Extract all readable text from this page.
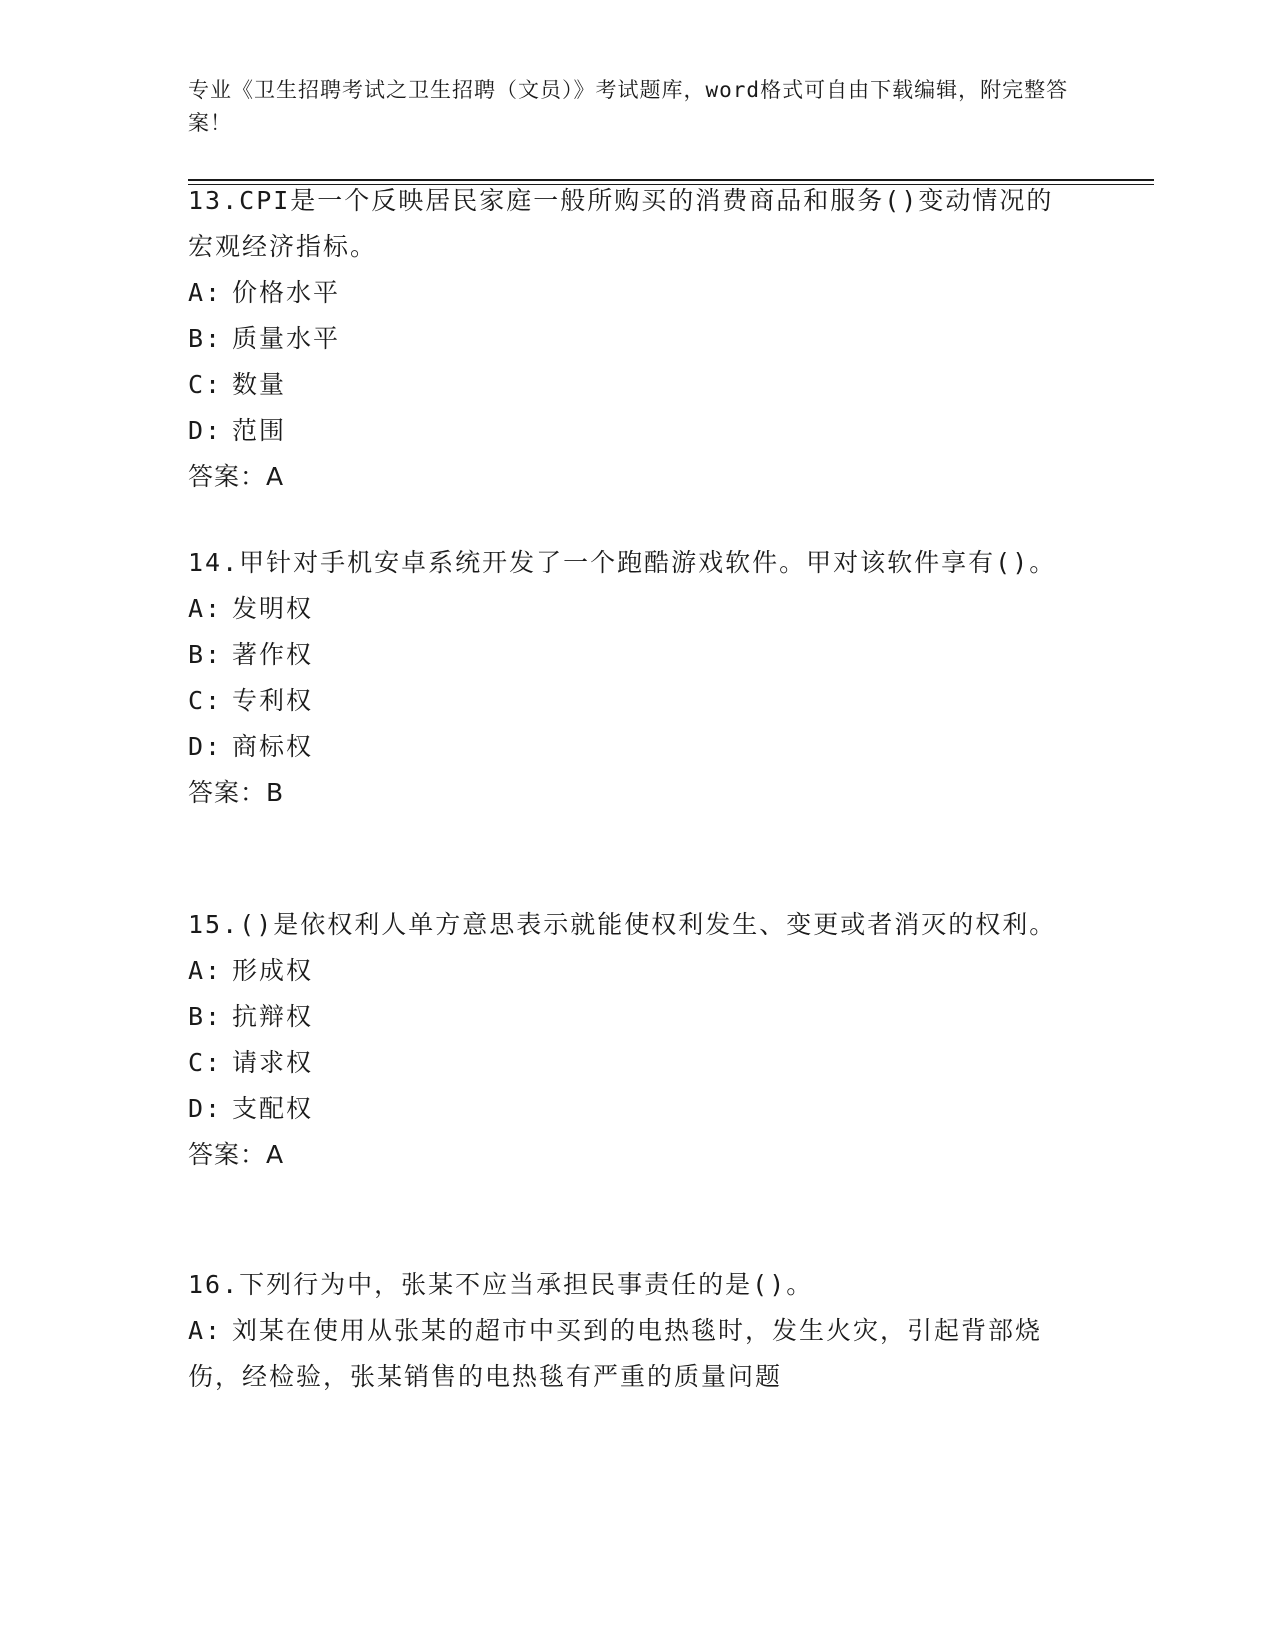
专业《卫生招聘考试之卫生招聘（文员）》考试题库，word格式可自由下载编辑，附完整答案！

13.CPI是一个反映居民家庭一般所购买的消费商品和服务()变动情况的宏观经济指标。

A: 价格水平

B: 质量水平

C: 数量

D: 范围

答案：A

14.甲针对手机安卓系统开发了一个跑酷游戏软件。甲对该软件享有()。

A: 发明权

B: 著作权

C: 专利权

D: 商标权

答案：B

15.()是依权利人单方意思表示就能使权利发生、变更或者消灭的权利。

A: 形成权

B: 抗辩权

C: 请求权

D: 支配权

答案：A

16.下列行为中，张某不应当承担民事责任的是()。

A: 刘某在使用从张某的超市中买到的电热毯时，发生火灾，引起背部烧伤，经检验，张某销售的电热毯有严重的质量问题
